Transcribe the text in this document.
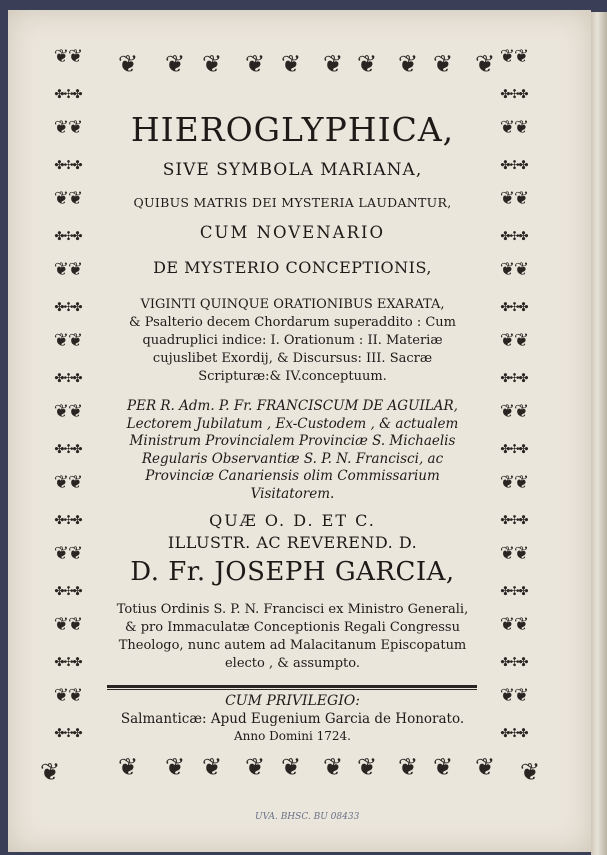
❦
❦
❦
❦
❦
❦
❦
❦
❦
❦
❦
❦
❦
❦
❦
❦
❦
❦
❦
❦
❦	❦
❦❦	❦❦
✤✣✤	✤✣✤
❦❦	❦❦
✤✣✤	✤✣✤
❦❦	❦❦
✤✣✤	✤✣✤
❦❦	❦❦
✤✣✤	✤✣✤
❦❦	❦❦
✤✣✤	✤✣✤
❦❦	❦❦
✤✣✤	✤✣✤
❦❦	❦❦
✤✣✤	✤✣✤
❦❦	❦❦
✤✣✤	✤✣✤
❦❦	❦❦
✤✣✤	✤✣✤
❦❦	❦❦
✤✣✤	✤✣✤
HIEROGLYPHICA,
SIVE SYMBOLA MARIANA,
QUIBUS MATRIS DEI MYSTERIA LAUDANTUR,
CUM NOVENARIO
DE MYSTERIO CONCEPTIONIS,
VIGINTI QUINQUE ORATIONIBUS EXARATA,
& Psalterio decem Chordarum superaddito : Cum
quadruplici indice: I. Orationum : II. Materiæ
cujuslibet Exordij, & Discursus: III. Sacræ
Scripturæ:& IV.conceptuum.
PER R. Adm. P. Fr. FRANCISCUM DE AGUILAR,
Lectorem Jubilatum , Ex-Custodem , & actualem
Ministrum Provincialem Provinciæ S. Michaelis
Regularis Observantiæ S. P. N. Francisci, ac
Provinciæ Canariensis olim Commissarium
Visitatorem.
QUÆ O. D. ET C.
ILLUSTR. AC REVEREND. D.
D. Fr. JOSEPH GARCIA,
Totius Ordinis S. P. N. Francisci ex Ministro Generali,
& pro Immaculatæ Conceptionis Regali Congressu
Theologo, nunc autem ad Malacitanum Episcopatum
electo , & assumpto.
CUM PRIVILEGIO:
Salmanticæ: Apud Eugenium Garcia de Honorato.
Anno Domini 1724.
UVA. BHSC. BU 08433
